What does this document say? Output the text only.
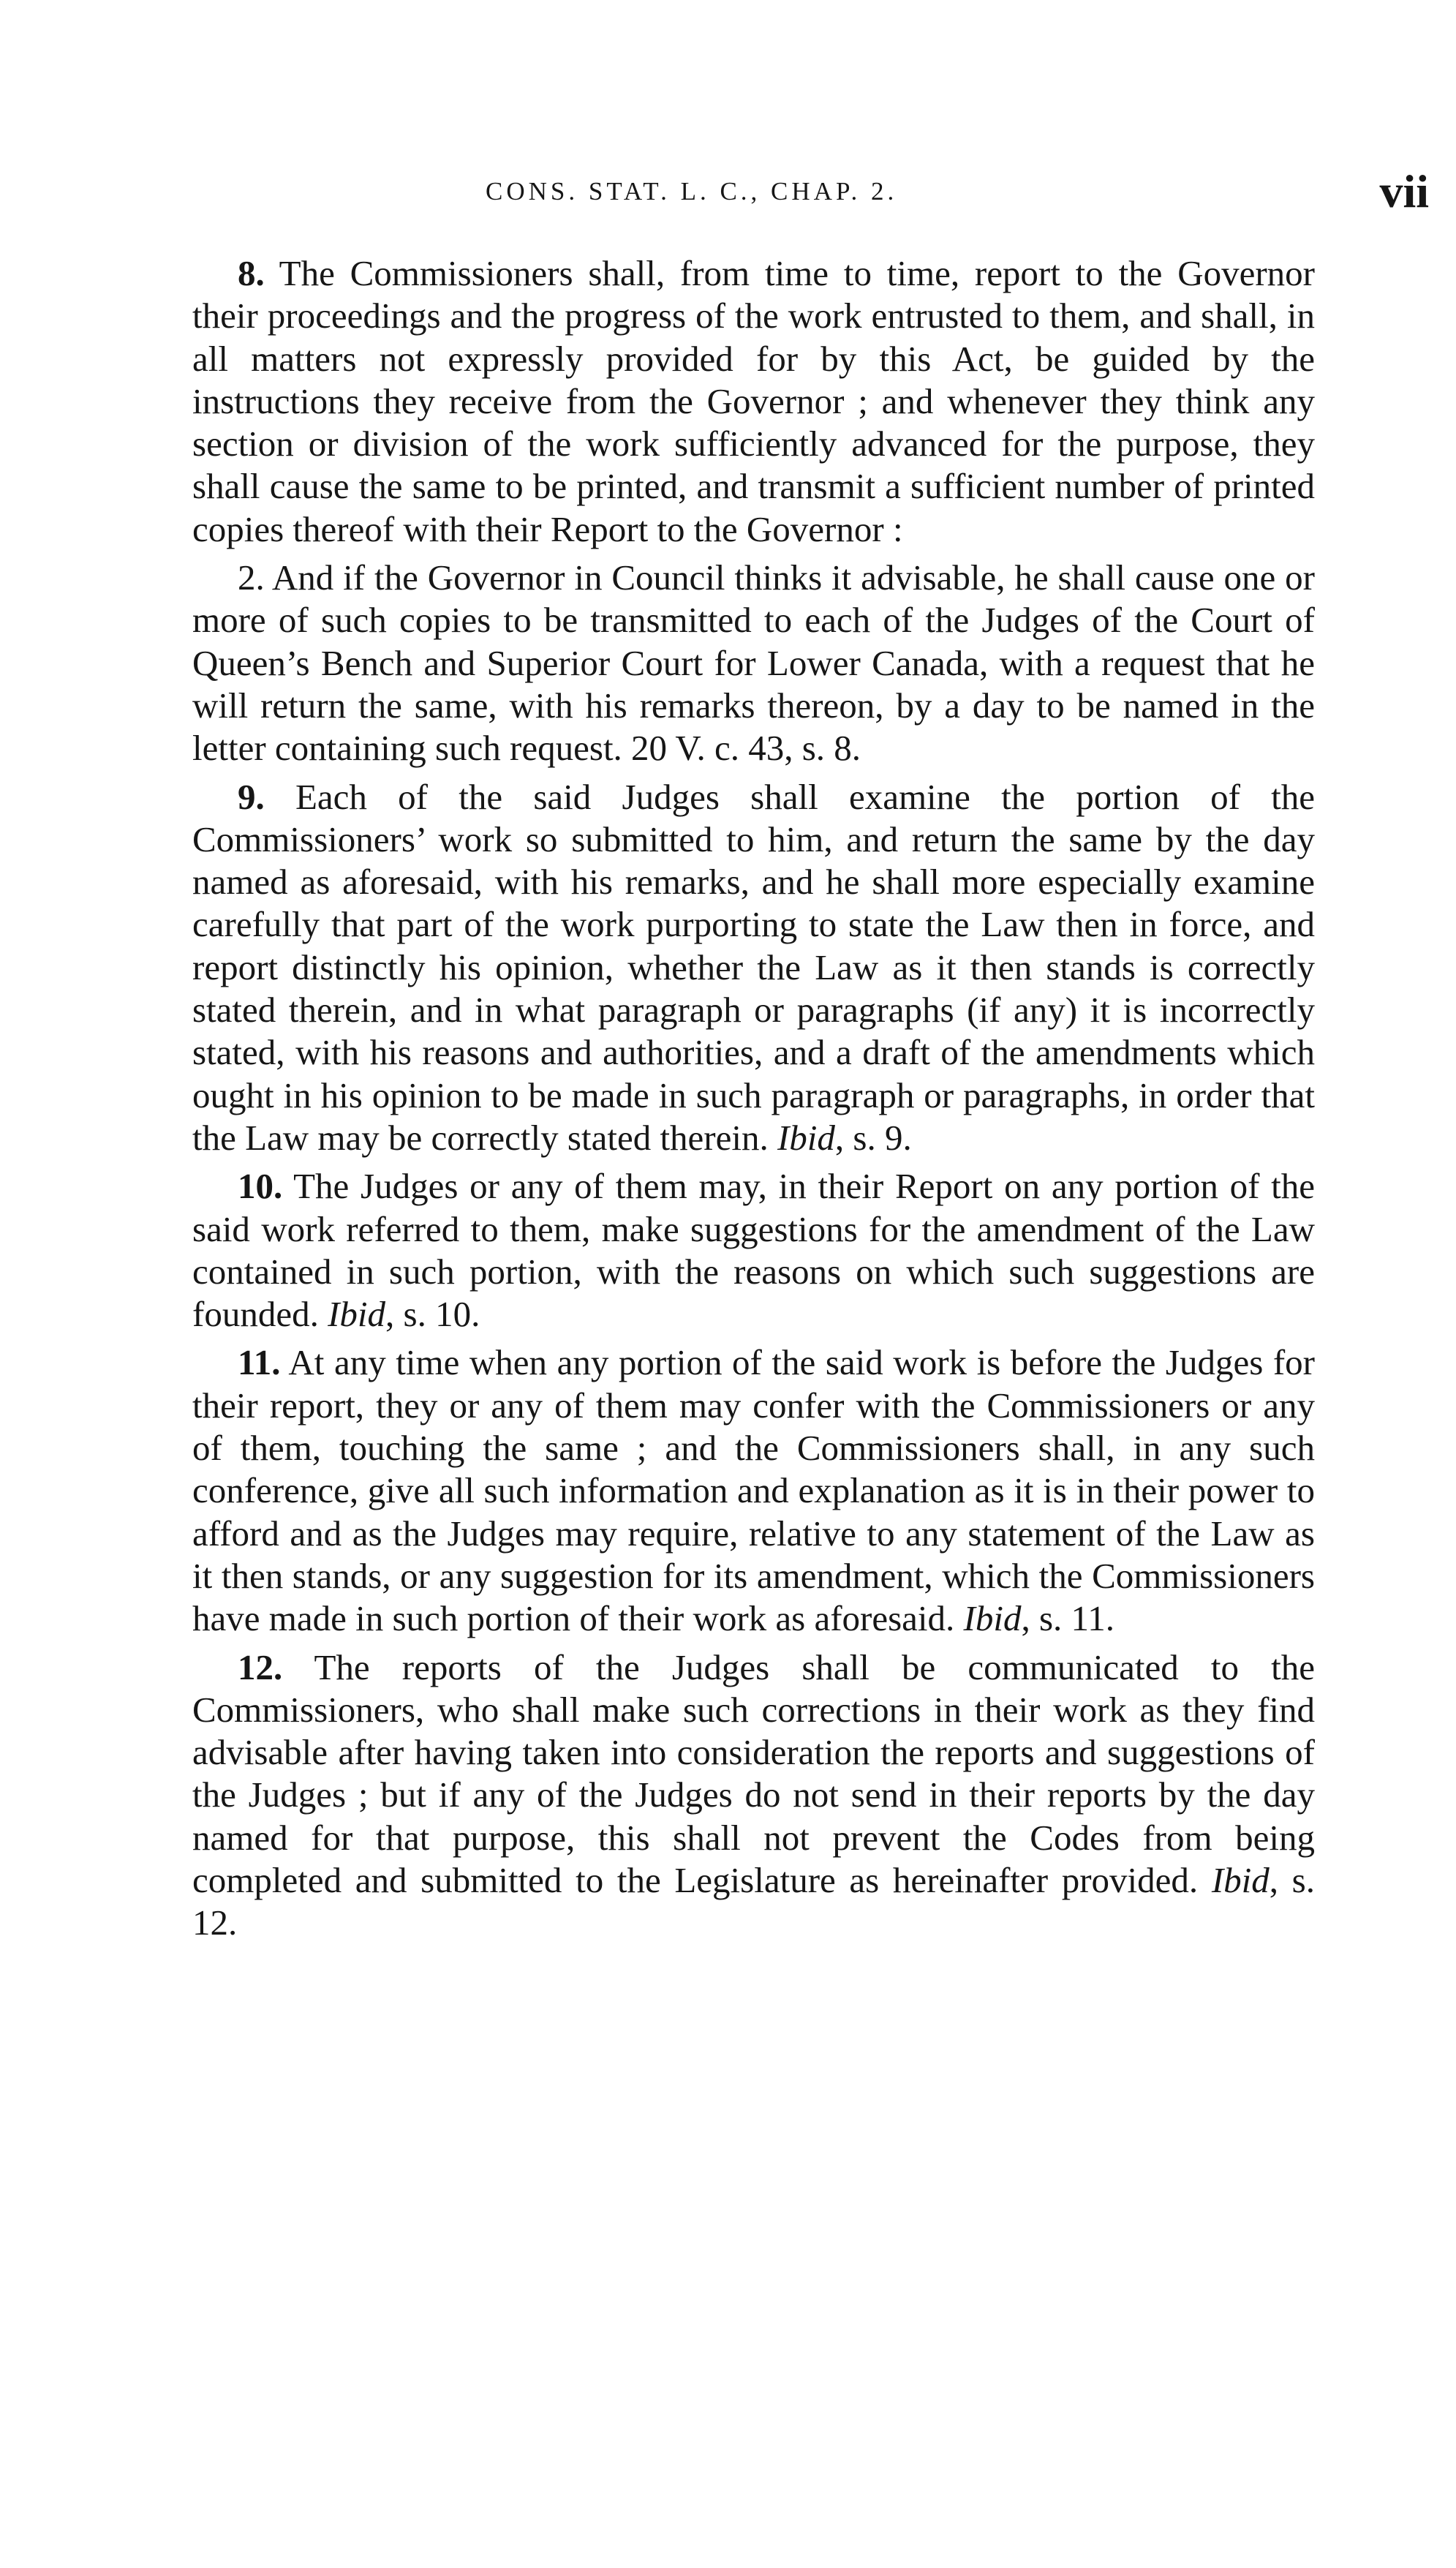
CONS. STAT. L. C., CHAP. 2.	vii

8. The Commissioners shall, from time to time, report to the Governor their proceedings and the progress of the work entrusted to them, and shall, in all matters not expressly provided for by this Act, be guided by the instructions they receive from the Governor ; and whenever they think any section or division of the work sufficiently advanced for the purpose, they shall cause the same to be printed, and transmit a sufficient number of printed copies thereof with their Report to the Governor :

2. And if the Governor in Council thinks it advisable, he shall cause one or more of such copies to be transmitted to each of the Judges of the Court of Queen’s Bench and Superior Court for Lower Canada, with a request that he will return the same, with his remarks thereon, by a day to be named in the letter containing such request. 20 V. c. 43, s. 8.

9. Each of the said Judges shall examine the portion of the Commissioners’ work so submitted to him, and return the same by the day named as aforesaid, with his remarks, and he shall more especially examine carefully that part of the work purporting to state the Law then in force, and report distinctly his opinion, whether the Law as it then stands is correctly stated therein, and in what paragraph or paragraphs (if any) it is incorrectly stated, with his reasons and authorities, and a draft of the amendments which ought in his opinion to be made in such paragraph or paragraphs, in order that the Law may be correctly stated therein. Ibid, s. 9.

10. The Judges or any of them may, in their Report on any portion of the said work referred to them, make suggestions for the amendment of the Law contained in such portion, with the reasons on which such suggestions are founded. Ibid, s. 10.

11. At any time when any portion of the said work is before the Judges for their report, they or any of them may confer with the Commissioners or any of them, touching the same ; and the Commissioners shall, in any such conference, give all such information and explanation as it is in their power to afford and as the Judges may require, relative to any statement of the Law as it then stands, or any suggestion for its amendment, which the Commissioners have made in such portion of their work as aforesaid. Ibid, s. 11.

12. The reports of the Judges shall be communicated to the Commissioners, who shall make such corrections in their work as they find advisable after having taken into consideration the reports and suggestions of the Judges ; but if any of the Judges do not send in their reports by the day named for that purpose, this shall not prevent the Codes from being completed and submitted to the Legislature as hereinafter provided. Ibid, s. 12.
